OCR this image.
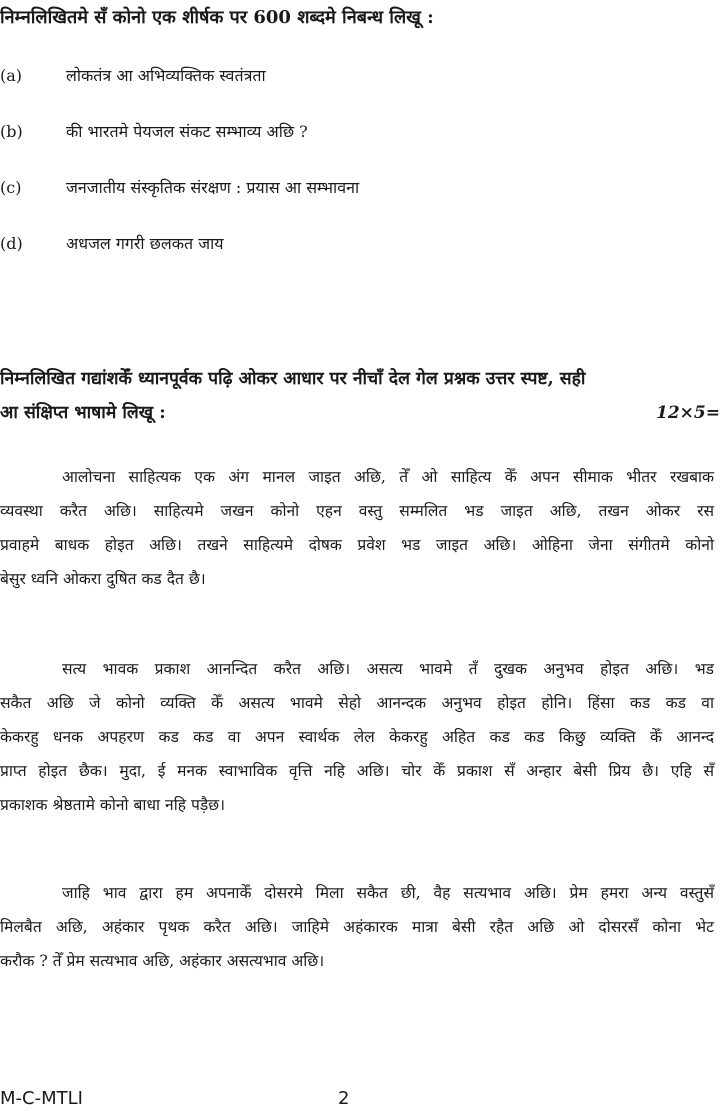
निम्नलिखितमे सँ कोनो एक शीर्षक पर 600 शब्दमे निबन्ध लिखू :
(a)	लोकतंत्र आ अभिव्यक्तिक स्वतंत्रता
(b)	की भारतमे पेयजल संकट सम्भाव्य अछि ?
(c)	जनजातीय संस्कृतिक संरक्षण : प्रयास आ सम्भावना
(d)	अधजल गगरी छलकत जाय
निम्नलिखित गद्यांशकेँ ध्यानपूर्वक पढ़ि ओकर आधार पर नीचाँ देल गेल प्रश्नक उत्तर स्पष्ट, सही
आ संक्षिप्त भाषामे लिखू :	12×5=
आलोचना साहित्यक एक अंग मानल जाइत अछि, तेँ ओ साहित्य केँ अपन सीमाक भीतर रखबाक
व्यवस्था करैत अछि। साहित्यमे जखन कोनो एहन वस्तु सम्मलित भड जाइत अछि, तखन ओकर रस
प्रवाहमे बाधक होइत अछि। तखने साहित्यमे दोषक प्रवेश भड जाइत अछि। ओहिना जेना संगीतमे कोनो
बेसुर ध्वनि ओकरा दुषित कड दैत छै।
सत्य भावक प्रकाश आनन्दित करैत अछि। असत्य भावमे तँ दुखक अनुभव होइत अछि। भड
सकैत अछि जे कोनो व्यक्ति केँ असत्य भावमे सेहो आनन्दक अनुभव होइत होनि। हिंसा कड कड वा
केकरहु धनक अपहरण कड कड वा अपन स्वार्थक लेल केकरहु अहित कड कड किछु व्यक्ति केँ आनन्द
प्राप्त होइत छैक। मुदा, ई मनक स्वाभाविक वृत्ति नहि अछि। चोर केँ प्रकाश सँ अन्हार बेसी प्रिय छै। एहि सँ
प्रकाशक श्रेष्ठतामे कोनो बाधा नहि पड़ैछ।
जाहि भाव द्वारा हम अपनाकेँ दोसरमे मिला सकैत छी, वैह सत्यभाव अछि। प्रेम हमरा अन्य वस्तुसँ
मिलबैत अछि, अहंकार पृथक करैत अछि। जाहिमे अहंकारक मात्रा बेसी रहैत अछि ओ दोसरसँ कोना भेट
करौक ? तेँ प्रेम सत्यभाव अछि, अहंकार असत्यभाव अछि।
M-C-MTLI	2
